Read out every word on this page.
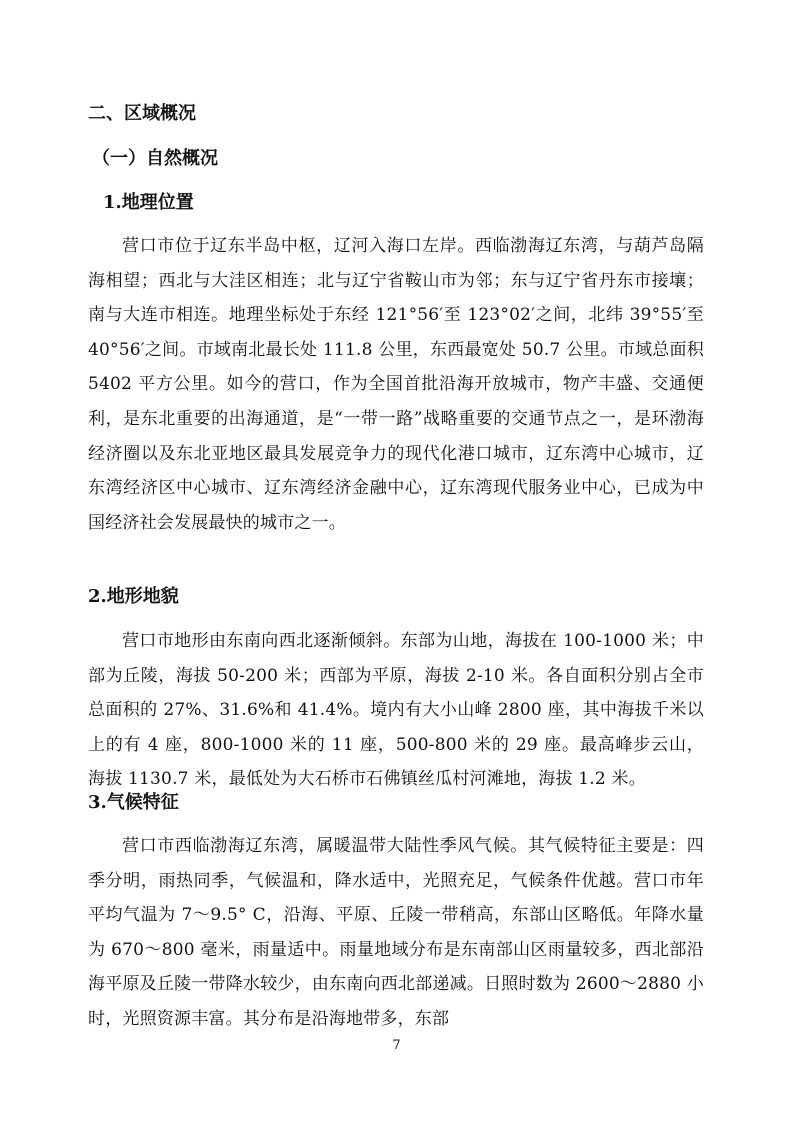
二、区域概况
（一）自然概况
1.地理位置

营口市位于辽东半岛中枢，辽河入海口左岸。西临渤海辽东湾，与葫芦岛隔海相望；西北与大洼区相连；北与辽宁省鞍山市为邻；东与辽宁省丹东市接壤；南与大连市相连。地理坐标处于东经 121°56′至 123°02′之间，北纬 39°55′至 40°56′之间。市域南北最长处 111.8 公里，东西最宽处 50.7 公里。市域总面积 5402 平方公里。如今的营口，作为全国首批沿海开放城市，物产丰盛、交通便利，是东北重要的出海通道，是“一带一路”战略重要的交通节点之一，是环渤海经济圈以及东北亚地区最具发展竞争力的现代化港口城市，辽东湾中心城市，辽东湾经济区中心城市、辽东湾经济金融中心，辽东湾现代服务业中心，已成为中国经济社会发展最快的城市之一。

2.地形地貌

营口市地形由东南向西北逐渐倾斜。东部为山地，海拔在 100-1000 米；中部为丘陵，海拔 50-200 米；西部为平原，海拔 2-10 米。各自面积分别占全市总面积的 27%、31.6%和 41.4%。境内有大小山峰 2800 座，其中海拔千米以上的有 4 座，800-1000 米的 11 座，500-800 米的 29 座。最高峰步云山，海拔 1130.7 米，最低处为大石桥市石佛镇丝瓜村河滩地，海拔 1.2 米。

3.气候特征

营口市西临渤海辽东湾，属暖温带大陆性季风气候。其气候特征主要是：四季分明，雨热同季，气候温和，降水适中，光照充足，气候条件优越。营口市年平均气温为 7～9.5° C，沿海、平原、丘陵一带稍高，东部山区略低。年降水量为 670～800 毫米，雨量适中。雨量地域分布是东南部山区雨量较多，西北部沿海平原及丘陵一带降水较少，由东南向西北部递减。日照时数为 2600～2880 小时，光照资源丰富。其分布是沿海地带多，东部

7
